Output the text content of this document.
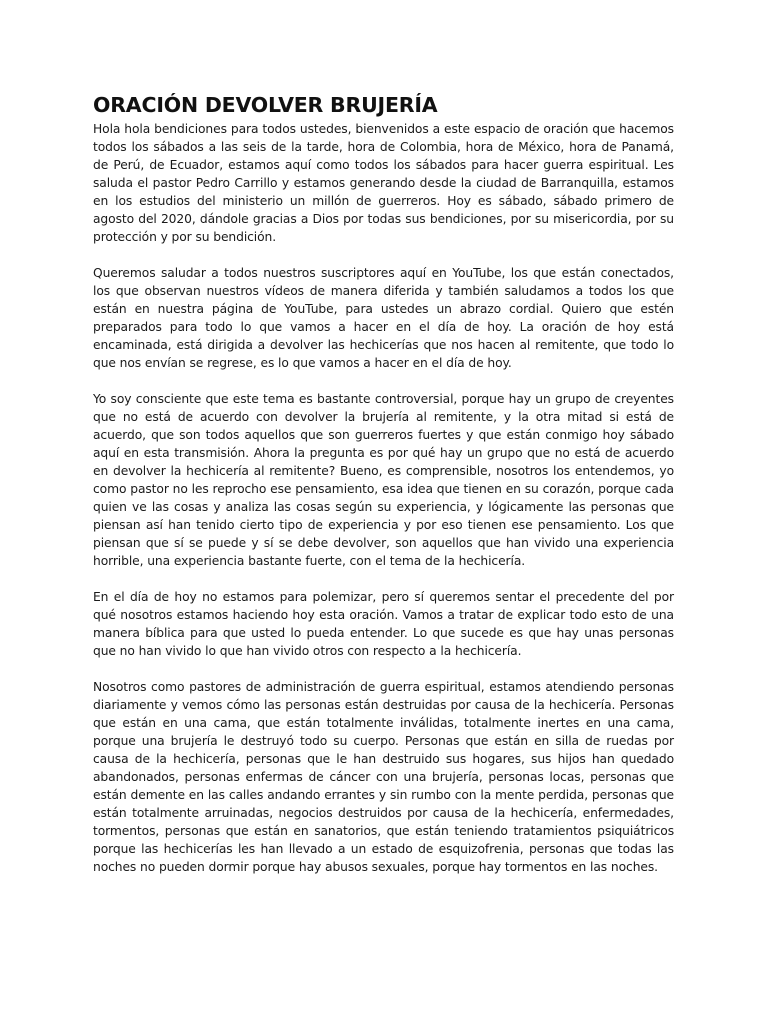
ORACIÓN DEVOLVER BRUJERÍA

Hola hola bendiciones para todos ustedes, bienvenidos a este espacio de oración que hacemos todos los sábados a las seis de la tarde, hora de Colombia, hora de México, hora de Panamá, de Perú, de Ecuador, estamos aquí como todos los sábados para hacer guerra espiritual. Les saluda el pastor Pedro Carrillo y estamos generando desde la ciudad de Barranquilla, estamos en los estudios del ministerio un millón de guerreros. Hoy es sábado, sábado primero de agosto del 2020, dándole gracias a Dios por todas sus bendiciones, por su misericordia, por su protección y por su bendición.

Queremos saludar a todos nuestros suscriptores aquí en YouTube, los que están conectados, los que observan nuestros vídeos de manera diferida y también saludamos a todos los que están en nuestra página de YouTube, para ustedes un abrazo cordial. Quiero que estén preparados para todo lo que vamos a hacer en el día de hoy. La oración de hoy está encaminada, está dirigida a devolver las hechicerías que nos hacen al remitente, que todo lo que nos envían se regrese, es lo que vamos a hacer en el día de hoy.

Yo soy consciente que este tema es bastante controversial, porque hay un grupo de creyentes que no está de acuerdo con devolver la brujería al remitente, y la otra mitad si está de acuerdo, que son todos aquellos que son guerreros fuertes y que están conmigo hoy sábado aquí en esta transmisión. Ahora la pregunta es por qué hay un grupo que no está de acuerdo en devolver la hechicería al remitente? Bueno, es comprensible, nosotros los entendemos, yo como pastor no les reprocho ese pensamiento, esa idea que tienen en su corazón, porque cada quien ve las cosas y analiza las cosas según su experiencia, y lógicamente las personas que piensan así han tenido cierto tipo de experiencia y por eso tienen ese pensamiento. Los que piensan que sí se puede y sí se debe devolver, son aquellos que han vivido una experiencia horrible, una experiencia bastante fuerte, con el tema de la hechicería.

En el día de hoy no estamos para polemizar, pero sí queremos sentar el precedente del por qué nosotros estamos haciendo hoy esta oración. Vamos a tratar de explicar todo esto de una manera bíblica para que usted lo pueda entender. Lo que sucede es que hay unas personas que no han vivido lo que han vivido otros con respecto a la hechicería.

Nosotros como pastores de administración de guerra espiritual, estamos atendiendo personas diariamente y vemos cómo las personas están destruidas por causa de la hechicería. Personas que están en una cama, que están totalmente inválidas, totalmente inertes en una cama, porque una brujería le destruyó todo su cuerpo. Personas que están en silla de ruedas por causa de la hechicería, personas que le han destruido sus hogares, sus hijos han quedado abandonados, personas enfermas de cáncer con una brujería, personas locas, personas que están demente en las calles andando errantes y sin rumbo con la mente perdida, personas que están totalmente arruinadas, negocios destruidos por causa de la hechicería, enfermedades, tormentos, personas que están en sanatorios, que están teniendo tratamientos psiquiátricos porque las hechicerías les han llevado a un estado de esquizofrenia, personas que todas las noches no pueden dormir porque hay abusos sexuales, porque hay tormentos en las noches.
